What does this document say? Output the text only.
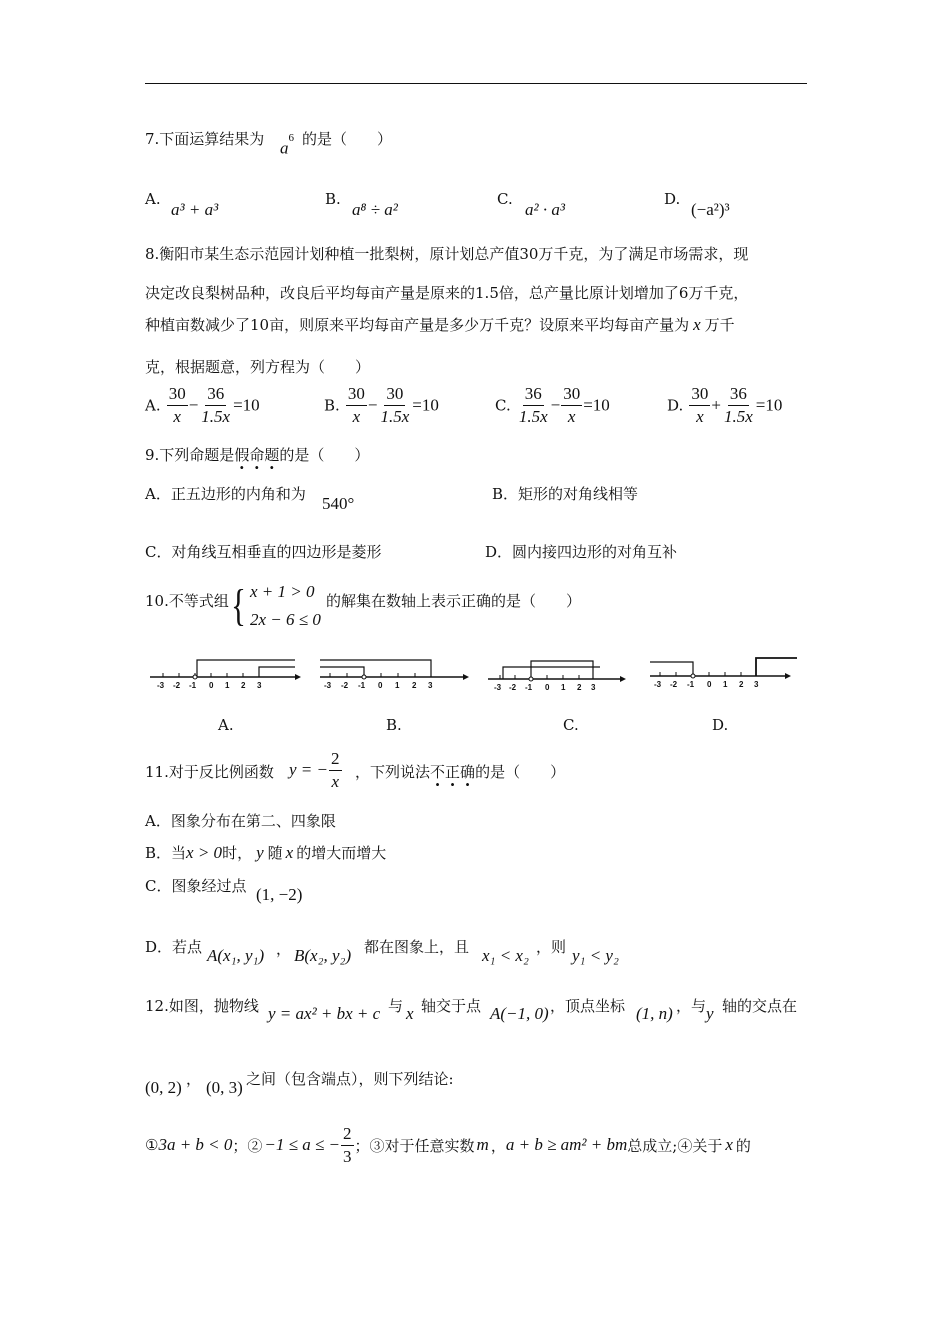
7.下面运算结果为 $a^6$ 的是（　　）
A.
a³ + a³
B.
a⁸ ÷ a²
C.
a² · a³
D.
(−a²)³
8.衡阳市某生态示范园计划种植一批梨树，原计划总产值30万千克，为了满足市场需求，现
决定改良梨树品种，改良后平均每亩产量是原来的1.5倍，总产量比原计划增加了6万千克，
种植亩数减少了10亩，则原来平均每亩产量是多少万千克？设原来平均每亩产量为 x 万千
克，根据题意，列方程为（　　）
A. $\frac{30}{x} - \frac{36}{1.5x} =10$	B. $\frac{30}{x} - \frac{30}{1.5x} =10$	C. $\frac{36}{1.5x} - \frac{30}{x} =10$	D. $\frac{30}{x} + \frac{36}{1.5x} =10$
9.下列命题是假命题的是（　　）
A．正五边形的内角和为 540°	B．矩形的对角线相等
C．对角线互相垂直的四边形是菱形	D．圆内接四边形的对角互补
10.不等式组 { x + 1 > 0
2x − 6 ≤ 0
的解集在数轴上表示正确的是（　　）
-3 -2 -1 0 1 2 3	-3 -2 -1 0 1 2 3	-3 -2 -1 0 1 2 3	-3 -2 -1 0 1 2 3
A.	B.	C.	D.
11.对于反比例函数 y = − $\frac{2}{x}$ ，下列说法不正确的是（　　）
A．图象分布在第二、四象限
B．当x > 0时， y 随 x 的增大而增大
C．图象经过点 (1, −2)
D．若点 A(x₁, y₁) ， B(x₂, y₂) 都在图象上，且 x₁ < x₂ ，则 y₁ < y₂
12.如图，抛物线 y = ax² + bx + c 与 x 轴交于点 A(−1, 0) ，顶点坐标 (1, n) ，与 y 轴的交点在
(0, 2) ， (0, 3) 之间（包含端点），则下列结论:
① 3a + b < 0 ；② −1 ≤ a ≤ − $\frac{2}{3}$ ；③对于任意实数 m ， a + b ≥ am² + bm 总成立; ④关于 x 的
